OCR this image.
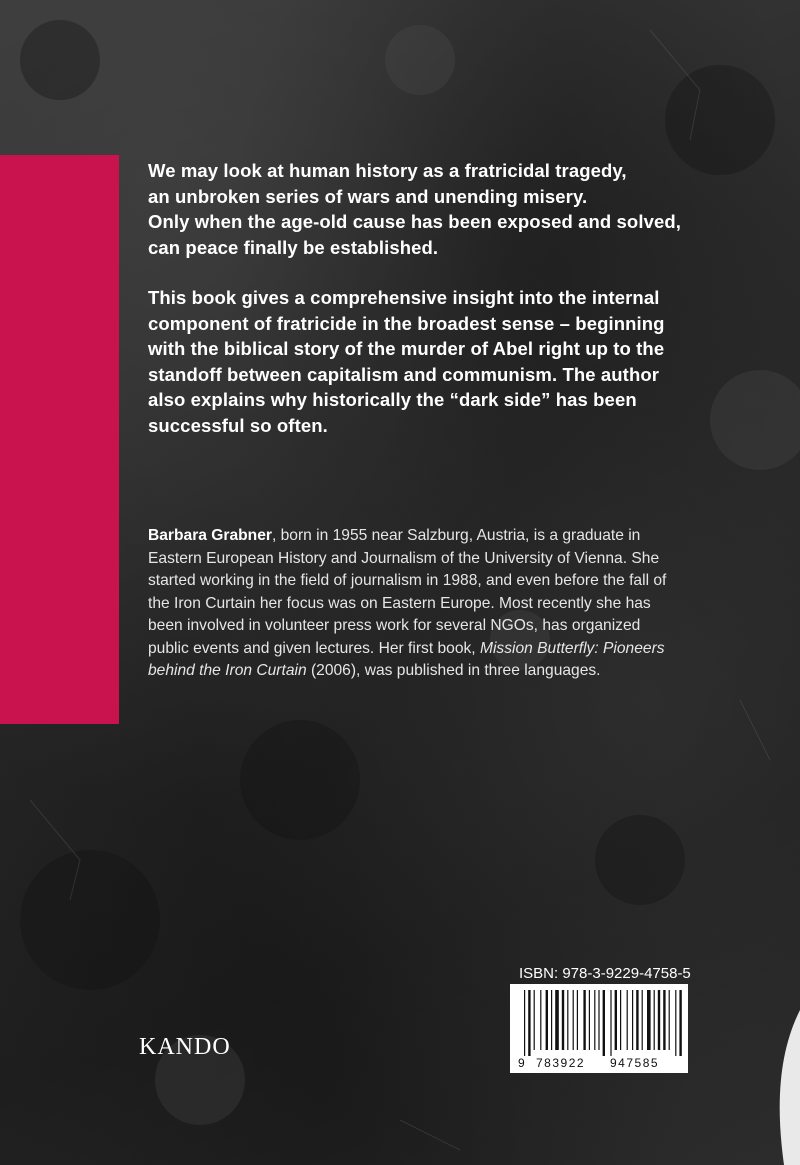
We may look at human history as a fratricidal tragedy,
an unbroken series of wars and unending misery.
Only when the age-old cause has been exposed and solved,
can peace finally be established.

This book gives a comprehensive insight into the internal
component of fratricide in the broadest sense – beginning
with the biblical story of the murder of Abel right up to the
standoff between capitalism and communism. The author
also explains why historically the “dark side” has been
successful so often.

Barbara Grabner, born in 1955 near Salzburg, Austria, is a graduate in Eastern European History and Journalism of the University of Vienna. She started working in the field of journalism in 1988, and even before the fall of the Iron Curtain her focus was on Eastern Europe. Most recently she has been involved in volunteer press work for several NGOs, has organized public events and given lectures. Her first book, Mission Butterfly: Pioneers behind the Iron Curtain (2006), was published in three languages.
KANDO
ISBN: 978-3-9229-4758-5
9 783922 947585
